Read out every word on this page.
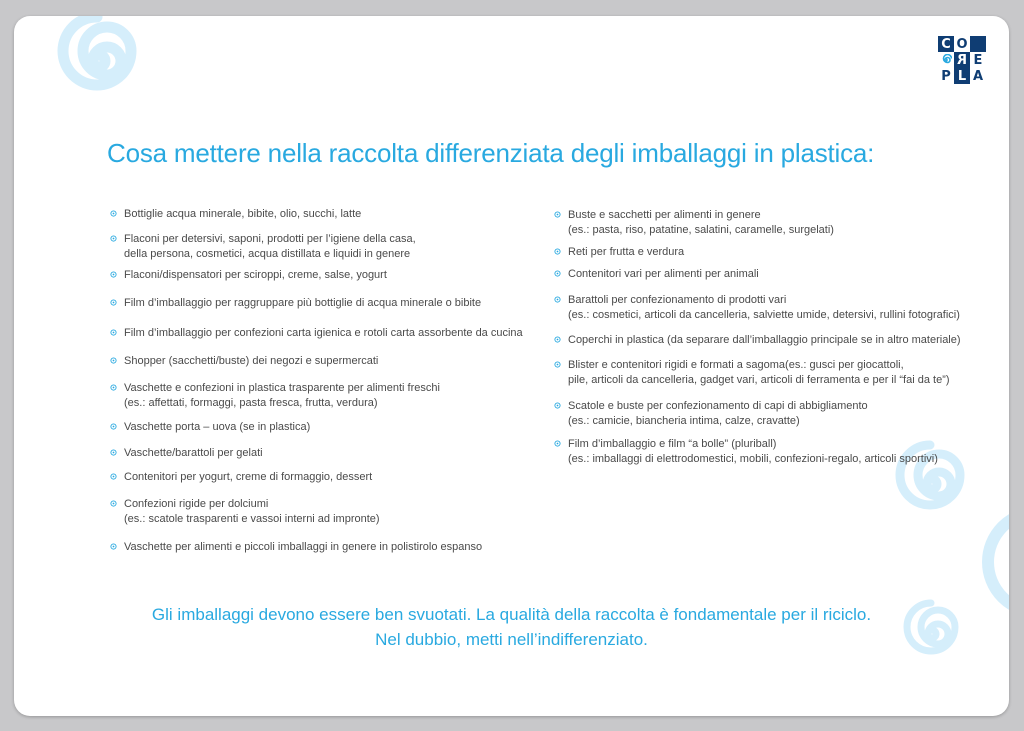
C O
R E
P L A
Cosa mettere nella raccolta differenziata degli imballaggi in plastica:
Bottiglie acqua minerale, bibite, olio, succhi, latte
Flaconi per detersivi, saponi, prodotti per l’igiene della casa,
della persona, cosmetici, acqua distillata e liquidi in genere
Flaconi/dispensatori per sciroppi, creme, salse, yogurt
Film d’imballaggio per raggruppare più bottiglie di acqua minerale o bibite
Film d’imballaggio per confezioni carta igienica e rotoli carta assorbente da cucina
Shopper (sacchetti/buste) dei negozi e supermercati
Vaschette e confezioni in plastica trasparente per alimenti freschi
(es.: affettati, formaggi, pasta fresca, frutta, verdura)
Vaschette porta – uova (se in plastica)
Vaschette/barattoli per gelati
Contenitori per yogurt, creme di formaggio, dessert
Confezioni rigide per dolciumi
(es.: scatole trasparenti e vassoi interni ad impronte)
Vaschette per alimenti e piccoli imballaggi in genere in polistirolo espanso
Buste e sacchetti per alimenti in genere
(es.: pasta, riso, patatine, salatini, caramelle, surgelati)
Reti per frutta e verdura
Contenitori vari per alimenti per animali
Barattoli per confezionamento di prodotti vari
(es.: cosmetici, articoli da cancelleria, salviette umide, detersivi, rullini fotografici)
Coperchi in plastica (da separare dall’imballaggio principale se in altro materiale)
Blister e contenitori rigidi e formati a sagoma(es.: gusci per giocattoli,
pile, articoli da cancelleria, gadget vari, articoli di ferramenta e per il “fai da te”)
Scatole e buste per confezionamento di capi di abbigliamento
(es.: camicie, biancheria intima, calze, cravatte)
Film d’imballaggio e film “a bolle” (pluriball)
(es.: imballaggi di elettrodomestici, mobili, confezioni-regalo, articoli sportivi)
Gli imballaggi devono essere ben svuotati. La qualità della raccolta è fondamentale per il riciclo.
Nel dubbio, metti nell’indifferenziato.
